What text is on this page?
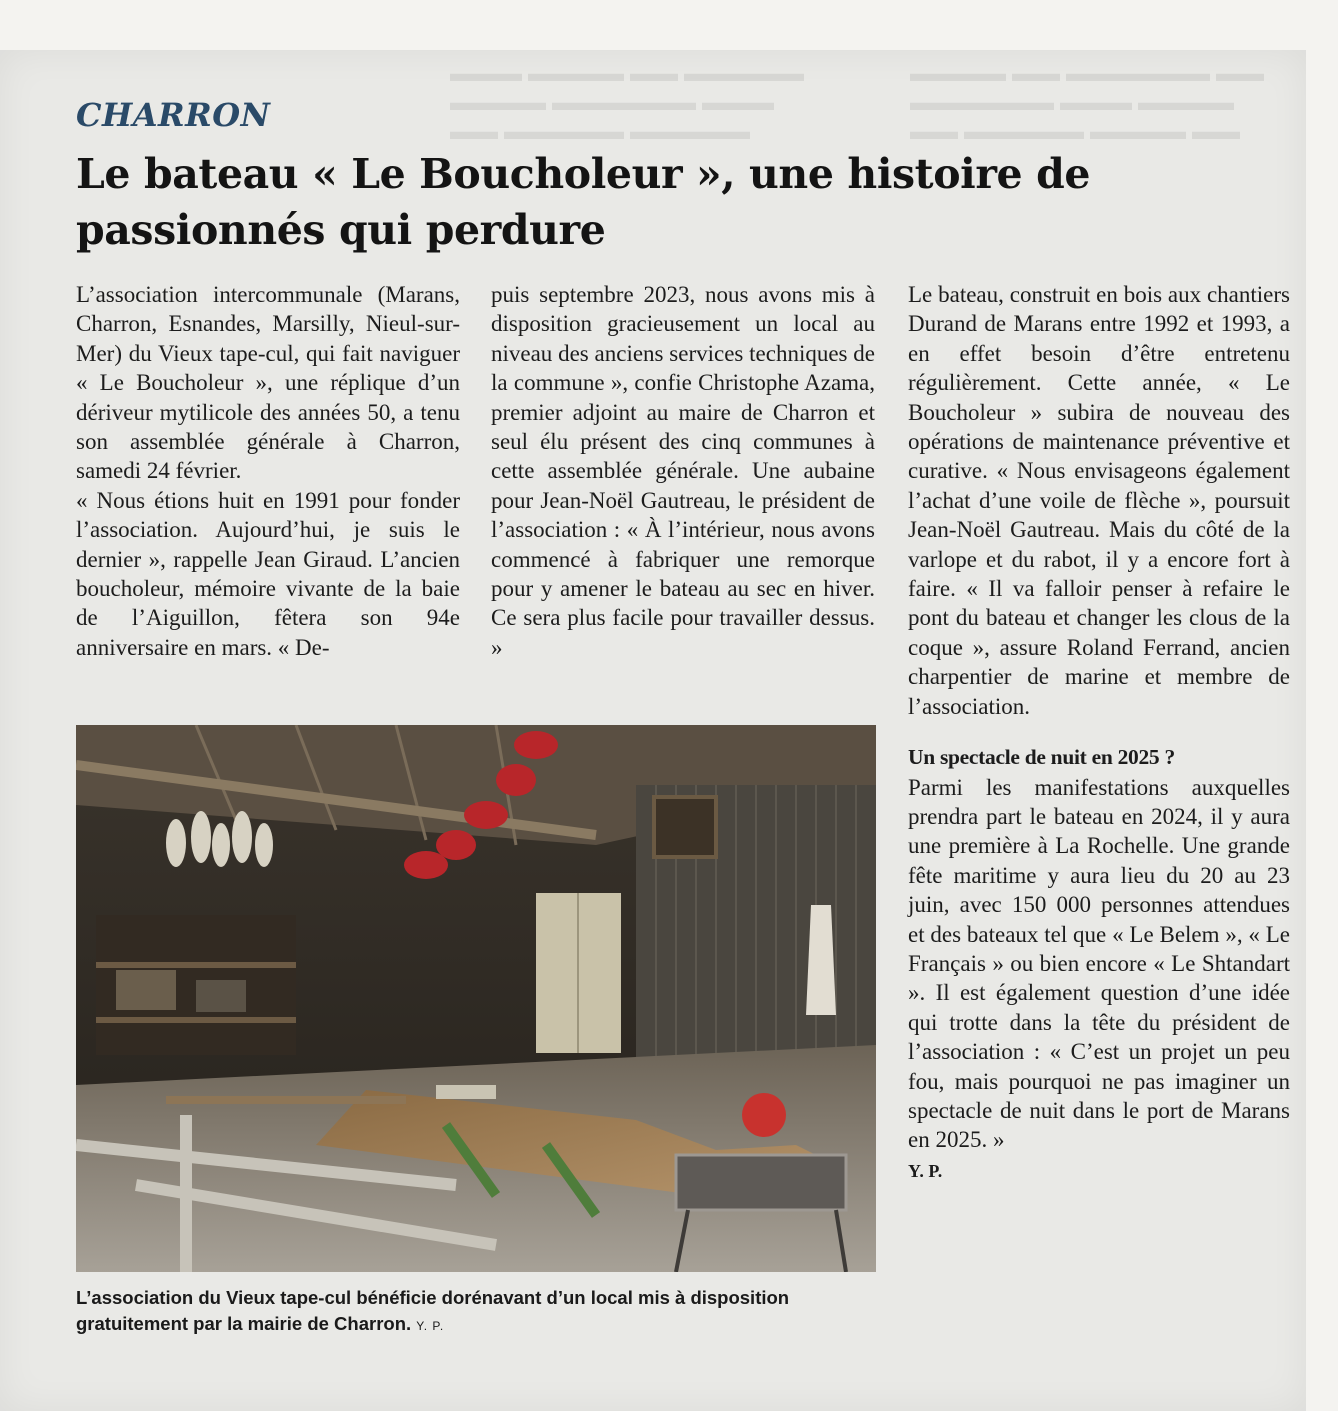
▬▬▬ ▬▬▬▬ ▬▬ ▬▬▬▬▬
▬▬▬▬ ▬▬▬▬▬▬ ▬▬▬
▬▬ ▬▬▬▬▬ ▬▬▬▬▬
▬▬▬▬ ▬▬ ▬▬▬▬▬▬ ▬▬
▬▬▬▬▬▬ ▬▬▬ ▬▬▬▬
▬▬ ▬▬▬▬▬ ▬▬▬▬ ▬▬
CHARRON
Le bateau « Le Boucholeur », une histoire de passionnés qui perdure

L’association intercommunale (Marans, Charron, Esnandes, Marsilly, Nieul-sur-Mer) du Vieux tape-cul, qui fait naviguer « Le Boucholeur », une réplique d’un dériveur mytilicole des années 50, a tenu son assemblée générale à Charron, samedi 24 février.

« Nous étions huit en 1991 pour fonder l’association. Aujourd’hui, je suis le dernier », rappelle Jean Giraud. L’ancien boucholeur, mémoire vivante de la baie de l’Aiguillon, fêtera son 94e anniversaire en mars. « De-

puis septembre 2023, nous avons mis à disposition gracieusement un local au niveau des anciens services techniques de la commune », confie Christophe Azama, premier adjoint au maire de Charron et seul élu présent des cinq communes à cette assemblée générale. Une aubaine pour Jean-Noël Gautreau, le président de l’association : « À l’intérieur, nous avons commencé à fabriquer une remorque pour y amener le bateau au sec en hiver. Ce sera plus facile pour travailler dessus. »

Le bateau, construit en bois aux chantiers Durand de Marans entre 1992 et 1993, a en effet besoin d’être entretenu régulièrement. Cette année, « Le Boucholeur » subira de nouveau des opérations de maintenance préventive et curative. « Nous envisageons également l’achat d’une voile de flèche », poursuit Jean-Noël Gautreau. Mais du côté de la varlope et du rabot, il y a encore fort à faire. « Il va falloir penser à refaire le pont du bateau et changer les clous de la coque », assure Roland Ferrand, ancien charpentier de marine et membre de l’association.

Un spectacle de nuit en 2025 ?

Parmi les manifestations auxquelles prendra part le bateau en 2024, il y aura une première à La Rochelle. Une grande fête maritime y aura lieu du 20 au 23 juin, avec 150 000 personnes attendues et des bateaux tel que « Le Belem », « Le Français » ou bien encore « Le Shtandart ». Il est également question d’une idée qui trotte dans la tête du président de l’association : « C’est un projet un peu fou, mais pourquoi ne pas imaginer un spectacle de nuit dans le port de Marans en 2025. »

Y. P.

L’association du Vieux tape-cul bénéficie dorénavant d’un local mis à disposition gratuitement par la mairie de Charron. Y. P.
